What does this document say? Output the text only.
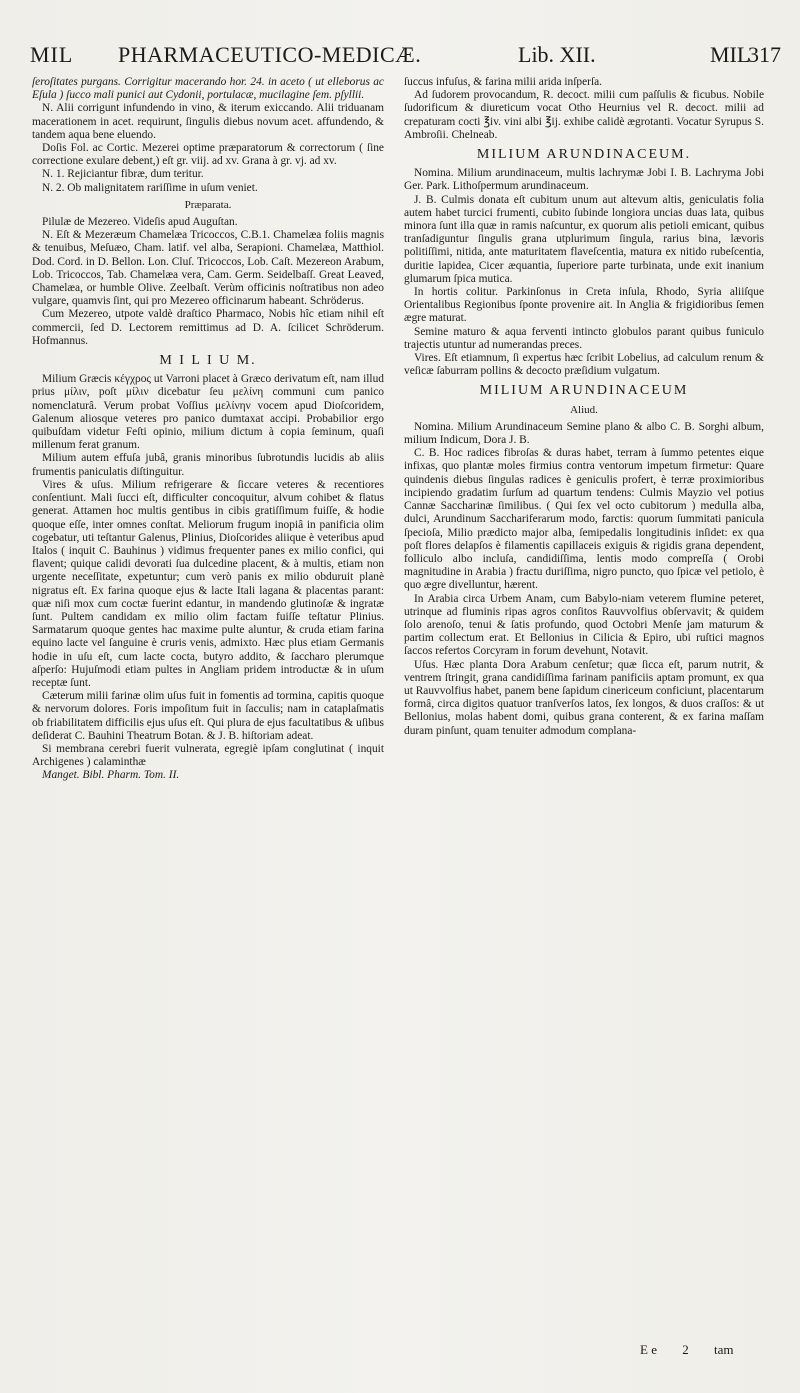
MIL PHARMACEUTICO-MEDICÆ.	Lib. XII.	MIL
317

ſeroſitates purgans. Corrigitur macerando hor. 24. in aceto ( ut elleborus ac Eſula ) ſucco mali punici aut Cydonii, portulacæ, mucilagine ſem. pſyllii.

N. Alii corrigunt infundendo in vino, & iterum exiccando. Alii triduanam macerationem in acet. requirunt, ſingulis diebus novum acet. affundendo, & tandem aqua bene eluendo.

Doſis Fol. ac Cortic. Mezerei optime præparatorum & correctorum ( ſine correctione exulare debent,) eſt gr. viij. ad xv. Grana à gr. vj. ad xv.

N. 1. Rejiciantur fibræ, dum teritur.

N. 2. Ob malignitatem rariſſime in uſum veniet.

Præparata.

Pilulæ de Mezereo. Videſis apud Auguſtan.

N. Eſt & Mezeræum Chamelæa Tricoccos, C.B.1. Chamelæa foliis magnis & tenuibus, Meſuæo, Cham. latif. vel alba, Serapioni. Chamelæa, Matthiol. Dod. Cord. in D. Bellon. Lon. Cluſ. Tricoccos, Lob. Caſt. Mezereon Arabum, Lob. Tricoccos, Tab. Chamelæa vera, Cam. Germ. Seidelbaſſ. Great Leaved, Chamelæa, or humble Olive. Zeelbaſt. Verùm officinis noſtratibus non adeo vulgare, quamvis ſint, qui pro Mezereo officinarum habeant. Schröderus.

Cum Mezereo, utpote valdè draſtico Pharmaco, Nobis hîc etiam nihil eſt commercii, ſed D. Lectorem remittimus ad D. A. ſcilicet Schröderum. Hofmannus.

M I L I U M.

Milium Græcis κέγχρος ut Varroni placet à Græco derivatum eſt, nam illud prius μίλιν, poſt μίλιν dicebatur ſeu μελίνη communi cum panico nomenclaturâ. Verum probat Voſſius μελίνην vocem apud Dioſcoridem, Galenum aliosque veteres pro panico dumtaxat accipi. Probabilior ergo quibuſdam videtur Feſti opinio, milium dictum à copia ſeminum, quaſi millenum ferat granum.

Milium autem effuſa jubâ, granis minoribus ſubrotundis lucidis ab aliis frumentis paniculatis diſtinguitur.

Vires & uſus. Milium refrigerare & ſiccare veteres & recentiores conſentiunt. Mali ſucci eſt, difficulter concoquitur, alvum cohibet & flatus generat. Attamen hoc multis gentibus in cibis gratiſſimum fuiſſe, & hodie quoque eſſe, inter omnes conſtat. Meliorum frugum inopiâ in panificia olim cogebatur, uti teſtantur Galenus, Plinius, Dioſcorides aliique è veteribus apud Italos ( inquit C. Bauhinus ) vidimus frequenter panes ex milio confici, qui flavent; quique calidi devorati ſua dulcedine placent, & à multis, etiam non urgente neceſſitate, expetuntur; cum verò panis ex milio obduruit planè nigratus eſt. Ex farina quoque ejus & lacte Itali lagana & placentas parant: quæ niſi mox cum coctæ fuerint edantur, in mandendo glutinoſæ & ingratæ ſunt. Pultem candidam ex milio olim factam fuiſſe teſtatur Plinius. Sarmatarum quoque gentes hac maxime pulte aluntur, & cruda etiam farina equino lacte vel ſanguine è cruris venis, admixto. Hæc plus etiam Germanis hodie in uſu eſt, cum lacte cocta, butyro addito, & ſaccharo plerumque aſperſo: Hujuſmodi etiam pultes in Angliam pridem introductæ & in uſum receptæ ſunt.

Cæterum milii farinæ olim uſus fuit in fomentis ad tormina, capitis quoque & nervorum dolores. Foris impoſitum fuit in ſacculis; nam in cataplaſmatis ob friabilitatem difficilis ejus uſus eſt. Qui plura de ejus facultatibus & uſibus deſiderat C. Bauhini Theatrum Botan. & J. B. hiſtoriam adeat.

Si membrana cerebri fuerit vulnerata, egregiè ipſam conglutinat ( inquit Archigenes ) calaminthæ

Manget. Bibl. Pharm. Tom. II.

ſuccus infuſus, & farina milii arida inſperſa.

Ad ſudorem provocandum, R. decoct. milii cum paſſulis & ficubus. Nobile ſudorificum & diureticum vocat Otho Heurnius vel R. decoct. milii ad crepaturam cocti ℥iv. vini albi ℥ij. exhibe calidè ægrotanti. Vocatur Syrupus S. Ambroſii. Chelneab.

MILIUM ARUNDINACEUM.

Nomina. Milium arundinaceum, multis lachrymæ Jobi I. B. Lachryma Jobi Ger. Park. Lithoſpermum arundinaceum.

J. B. Culmis donata eſt cubitum unum aut altevum altis, geniculatis folia autem habet turcici frumenti, cubito ſubinde longiora uncias duas lata, quibus minora ſunt illa quæ in ramis naſcuntur, ex quorum alis petioli emicant, quibus tranſadiguntur ſingulis grana utplurimum ſingula, rarius bina, lævoris politiſſimi, nitida, ante maturitatem flaveſcentia, matura ex nitido rubeſcentia, duritie lapidea, Cicer æquantia, ſuperiore parte turbinata, unde exit inanium glumarum ſpica mutica.

In hortis colitur. Parkinſonus in Creta inſula, Rhodo, Syria aliiſque Orientalibus Regionibus ſponte provenire ait. In Anglia & frigidioribus ſemen ægre maturat.

Semine maturo & aqua ferventi intincto globulos parant quibus funiculo trajectis utuntur ad numerandas preces.

Vires. Eſt etiamnum, ſi expertus hæc ſcribit Lobelius, ad calculum renum & veſicæ ſaburram pollins & decocto præſidium vulgatum.

MILIUM ARUNDINACEUM
Aliud.

Nomina. Milium Arundinaceum Semine plano & albo C. B. Sorghi album, milium Indicum, Dora J. B.

C. B. Hoc radices fibroſas & duras habet, terram à ſummo petentes eique infixas, quo plantæ moles firmius contra ventorum impetum firmetur: Quare quindenis diebus ſingulas radices è geniculis profert, è terræ proximioribus incipiendo gradatim ſurſum ad quartum tendens: Culmis Mayzio vel potius Cannæ Saccharinæ ſimilibus. ( Qui ſex vel octo cubitorum ) medulla alba, dulci, Arundinum Sacchariferarum modo, farctis: quorum ſummitati panicula ſpecioſa, Milio prædicto major alba, ſemipedalis longitudinis inſidet: ex qua poſt flores delapſos è filamentis capillaceis exiguis & rigidis grana dependent, folliculo albo incluſa, candidiſſima, lentis modo compreſſa ( Orobi magnitudine in Arabia ) fractu duriſſima, nigro puncto, quo ſpicæ vel petiolo, è quo ægre divelluntur, hærent.

In Arabia circa Urbem Anam, cum Babylo-niam veterem flumine peteret, utrinque ad fluminis ripas agros conſitos Rauvvolfius obſervavit; & quidem ſolo arenoſo, tenui & ſatis profundo, quod Octobri Menſe jam maturum & partim collectum erat. Et Bellonius in Cilicia & Epiro, ubi ruſtici magnos ſaccos refertos Corcyram in forum devehunt, Notavit.

Uſus. Hæc planta Dora Arabum cenſetur; quæ ſicca eſt, parum nutrit, & ventrem ſtringit, grana candidiſſima farinam panificiis aptam promunt, ex qua ut Rauvvolfius habet, panem bene ſapidum cinericeum conficiunt, placentarum formâ, circa digitos quatuor tranſverſos latos, ſex longos, & duos craſſos: & ut Bellonius, molas habent domi, quibus grana conterent, & ex farina maſſam duram pinſunt, quam tenuiter admodum complana-

E e 2 tam
